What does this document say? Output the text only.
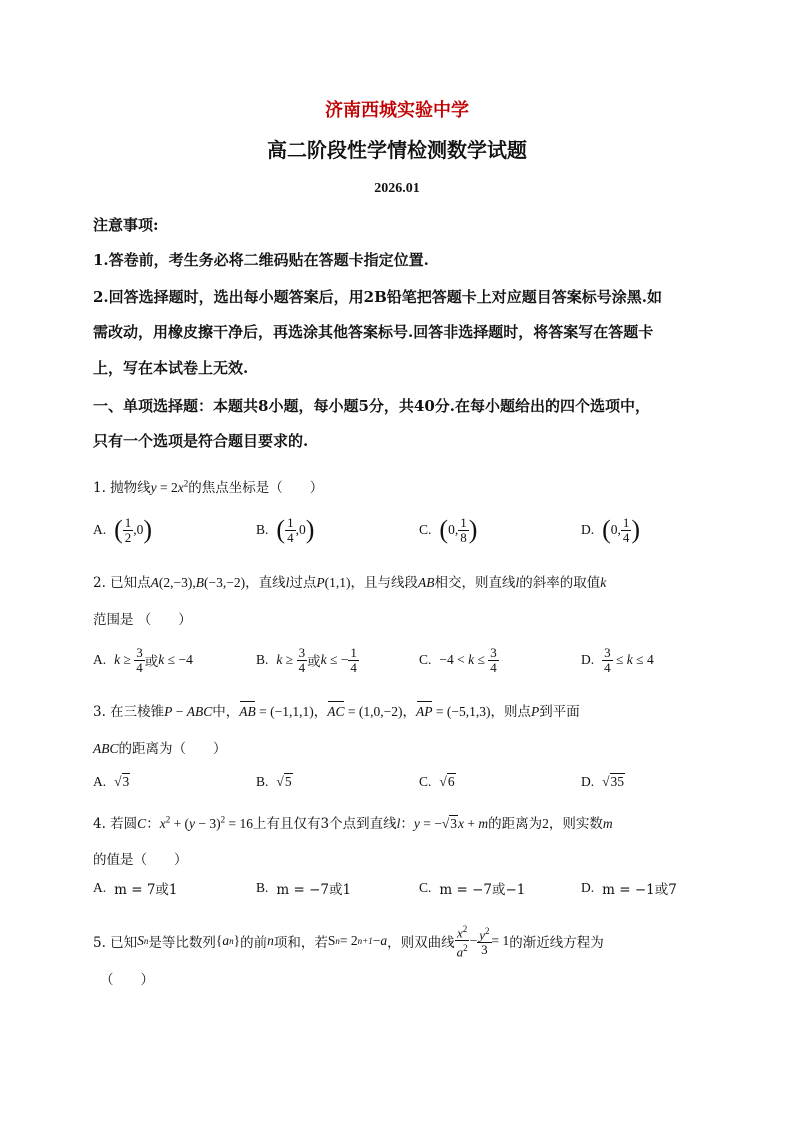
济南西城实验中学
高二阶段性学情检测数学试题
2026.01
注意事项:
1.答卷前，考生务必将二维码贴在答题卡指定位置.
2.回答选择题时，选出每小题答案后，用2B铅笔把答题卡上对应题目答案标号涂黑.如
需改动，用橡皮擦干净后，再选涂其他答案标号.回答非选择题时，将答案写在答题卡
上，写在本试卷上无效.
一、单项选择题：本题共8小题，每小题5分，共40分.在每小题给出的四个选项中，
只有一个选项是符合题目要求的.
1. 抛物线$y = 2x^2$的焦点坐标是（　　）
A. ( $\frac{1}{2} ,0$ )	B. ( $\frac{1}{4} ,0$ )	C. ( 0, $\frac{1}{8}$ )	D. ( 0, $\frac{1}{4}$ )
2. 已知点A(2,−3),B(−3,−2)，直线l过点P(1,1)，且与线段AB相交，则直线l的斜率的取值k
范围是 （　　）
A. $k \ge \frac{3}{4}$ 或 k ≤ −4	B. $k \ge \frac{3}{4}$ 或 k ≤ − $\frac{1}{4}$	C. $-4 < k \le \frac{3}{4}$	D. $\frac{3}{4} \le k \le 4$
3. 在三棱锥P − ABC中，AB = (−1,1,1)，AC = (1,0,−2)，AP = (−5,1,3)，则点P到平面
ABC的距离为（　　）
A. √3	B. √5	C. √6	D. √35
4. 若圆C：$x^2 + (y - 3)^2 = 16$上有且仅有3个点到直线l：y = −√3x + m的距离为2，则实数m
的值是（　　）
A. m = 7或1	B. m = −7或1	C. m = −7或−1	D. m = −1或7
5. 已知 S n 是等比数列 { a n } 的前 n 项和，若 S n = 2 n+1 − a ，则双曲线 $\frac{x^2}{a^2} - \frac{y^2}{3} = 1$ 的渐近线方程为
（　　）
